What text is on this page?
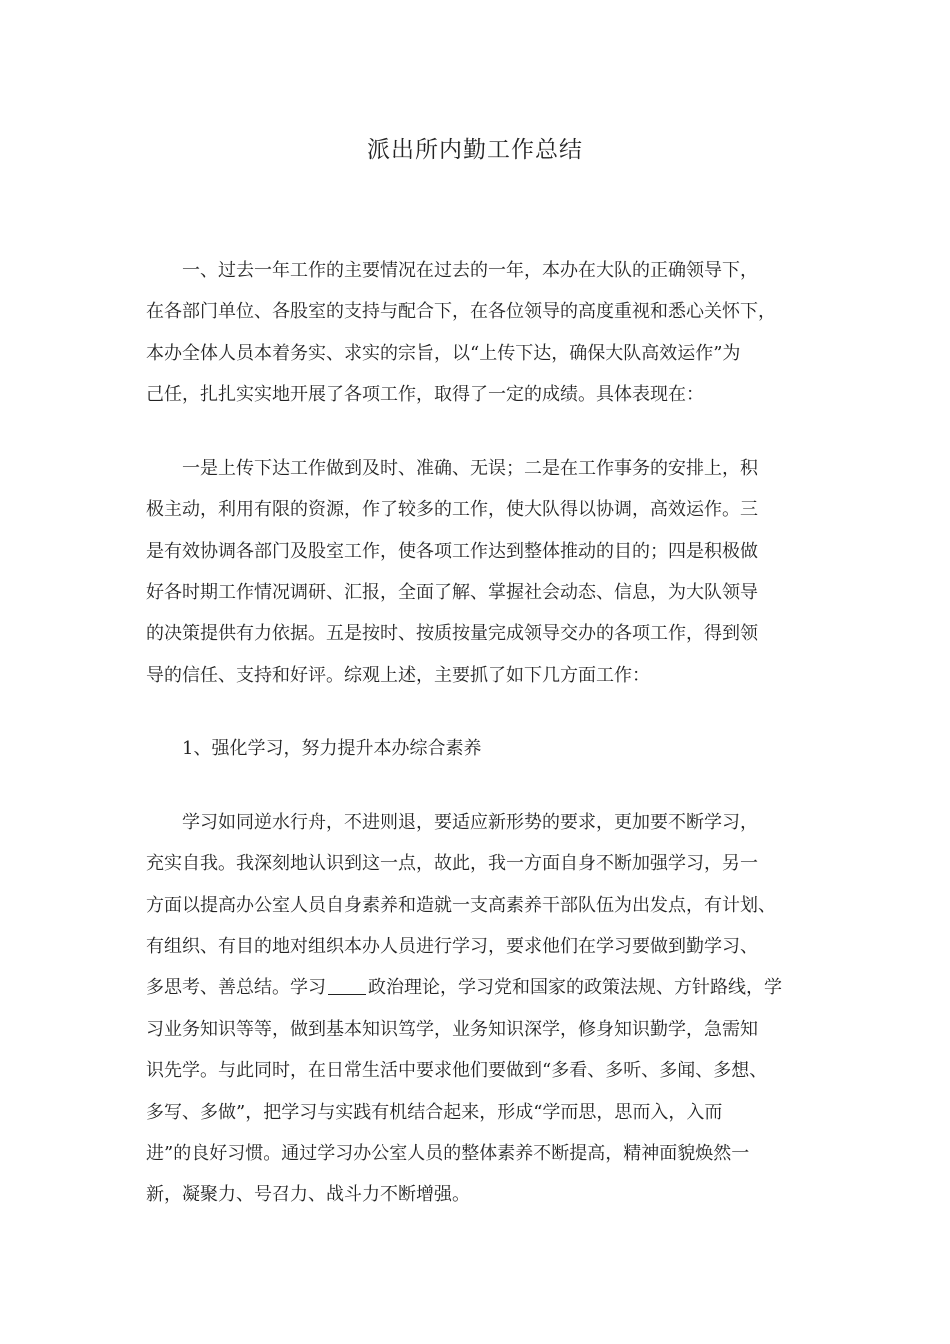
派出所内勤工作总结
一、过去一年工作的主要情况在过去的一年，本办在大队的正确领导下，
在各部门单位、各股室的支持与配合下，在各位领导的高度重视和悉心关怀下，
本办全体人员本着务实、求实的宗旨，以“上传下达，确保大队高效运作”为
己任，扎扎实实地开展了各项工作，取得了一定的成绩。具体表现在：
一是上传下达工作做到及时、准确、无误；二是在工作事务的安排上，积
极主动，利用有限的资源，作了较多的工作，使大队得以协调，高效运作。三
是有效协调各部门及股室工作，使各项工作达到整体推动的目的；四是积极做
好各时期工作情况调研、汇报，全面了解、掌握社会动态、信息，为大队领导
的决策提供有力依据。五是按时、按质按量完成领导交办的各项工作，得到领
导的信任、支持和好评。综观上述，主要抓了如下几方面工作：
1、强化学习，努力提升本办综合素养
学习如同逆水行舟，不进则退，要适应新形势的要求，更加要不断学习，
充实自我。我深刻地认识到这一点，故此，我一方面自身不断加强学习，另一
方面以提高办公室人员自身素养和造就一支高素养干部队伍为出发点，有计划、
有组织、有目的地对组织本办人员进行学习，要求他们在学习要做到勤学习、
多思考、善总结。学习 政治理论，学习党和国家的政策法规、方针路线，学
习业务知识等等，做到基本知识笃学，业务知识深学，修身知识勤学，急需知
识先学。与此同时，在日常生活中要求他们要做到“多看、多听、多闻、多想、
多写、多做”，把学习与实践有机结合起来，形成“学而思，思而入，入而
进”的良好习惯。通过学习办公室人员的整体素养不断提高，精神面貌焕然一
新，凝聚力、号召力、战斗力不断增强。
